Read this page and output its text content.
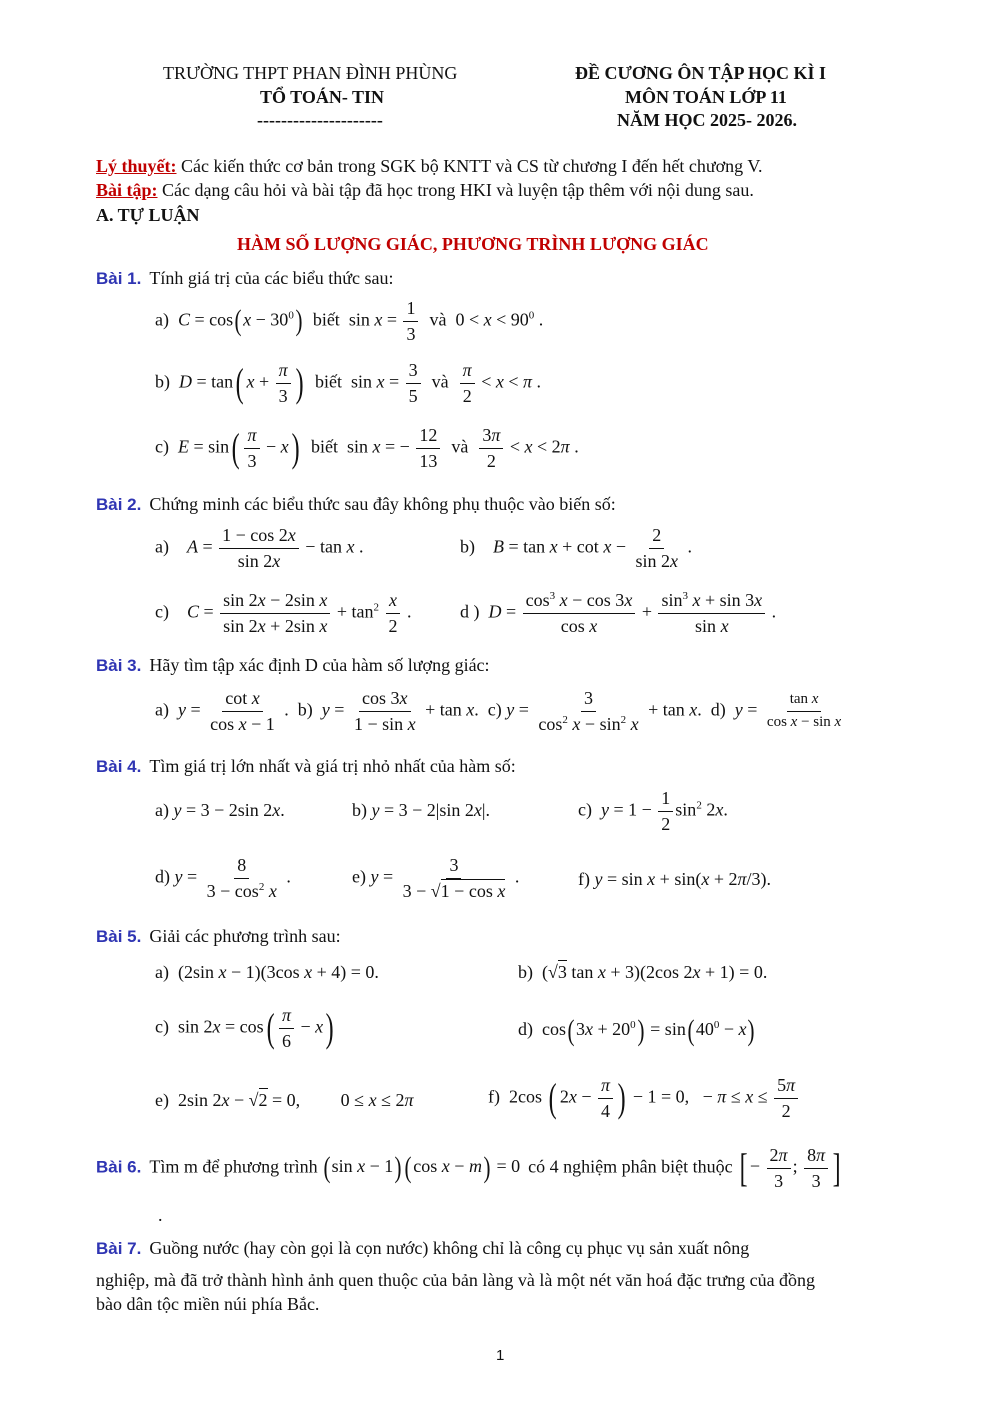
TRƯỜNG THPT PHAN ĐÌNH PHÙNG
TỔ TOÁN- TIN
---------------------
ĐỀ CƯƠNG ÔN TẬP HỌC KÌ I
MÔN TOÁN LỚP 11
NĂM HỌC 2025- 2026.
Lý thuyết: Các kiến thức cơ bản trong SGK bộ KNTT và CS từ chương I đến hết chương V.
Bài tập: Các dạng câu hỏi và bài tập đã học trong HKI và luyện tập thêm với nội dung sau.
A. TỰ LUẬN
HÀM SỐ LƯỢNG GIÁC, PHƯƠNG TRÌNH LƯỢNG GIÁC
Bài 1. Tính giá trị của các biểu thức sau:
a)  $C = \cos(x - 30^0)$ biết  $\sin x = \frac{1}{3}$ và  $0 < x < 90^0$ .
b)  D = tan( $x + \frac{\pi}{3}$ ) biết  $\sin x = \frac{3}{5}$ và $\frac{\pi}{2} < x < \pi$ .
c)  $E = \sin( \frac{\pi}{3} - x)$ biết  sin x = − $\frac{12}{13}$ và $\frac{3\pi}{2} < x < 2\pi$ .
Bài 2. Chứng minh các biểu thức sau đây không phụ thuộc vào biến số:
a)    $A = \frac{1 - \cos 2x}{\sin 2x} - \tan x$ .	b)    $B = \tan x + \cot x - \frac{2}{\sin 2x}$ .
c)    $C = \frac{\text{sin 2x − 2sin x}}{\text{sin 2x + 2sin x}} + \tan^2 \frac{x}{2}$ .	d )  $D = \frac{\cos^3 x - \cos 3x}{\text{cos x}} + \frac{\sin^3 x + \sin 3x}{\text{sin x}}$ .
Bài 3. Hãy tìm tập xác định D của hàm số lượng giác:
a)  $y = \frac{\text{cot x}}{\text{cos x − 1}}$ .  b)  $y = \frac{\cos 3x}{\text{1 − sin x}} + \tan x$.  c) $y = \frac{3}{\cos^2 x - \sin^2 x} + \tan x$.  d)  $y = \frac{\text{tan x}}{\text{cos x − sin x}}$
Bài 4. Tìm giá trị lớn nhất và giá trị nhỏ nhất của hàm số:
a) y = 3 − 2sin 2x.	b) y = 3 − 2|sin 2x|.	c)  $y = 1 - \frac{1}{2} \sin^2 2x$.
d) $y = \frac{8}{3 - \cos^2 x}$ .	e) $y = \frac{3}{\text{3 − √1 − cos x}}$ .	f) y = sin x + sin(x + 2π/3).
Bài 5. Giải các phương trình sau:
a)  (2sin x − 1)(3cos x + 4) = 0.	b)  (√3 tan x + 3)(2cos 2x + 1) = 0.
c)  $\sin 2x = \cos( \frac{\pi}{6} - x)$	d)  $\cos(3x + 20^0) = \sin(40^0 - x)$
e)  2sin 2x − √2 = 0,         0 ≤ x ≤ 2π	f)  2cos ( $2x - \frac{\pi}{4}$ ) − 1 = 0,   − $\pi \le x \le \frac{5\pi}{2}$
Bài 6. Tìm m để phương trình (sin x − 1) (cos x − m) = 0 có 4 nghiệm phân biệt thuộc [ − $\frac{2\pi}{3}$ ; $\frac{8\pi}{3}$ ]
.
Bài 7. Guồng nước (hay còn gọi là cọn nước) không chỉ là công cụ phục vụ sản xuất nông
nghiệp, mà đã trở thành hình ảnh quen thuộc của bản làng và là một nét văn hoá đặc trưng của đồng
bào dân tộc miền núi phía Bắc.
1
